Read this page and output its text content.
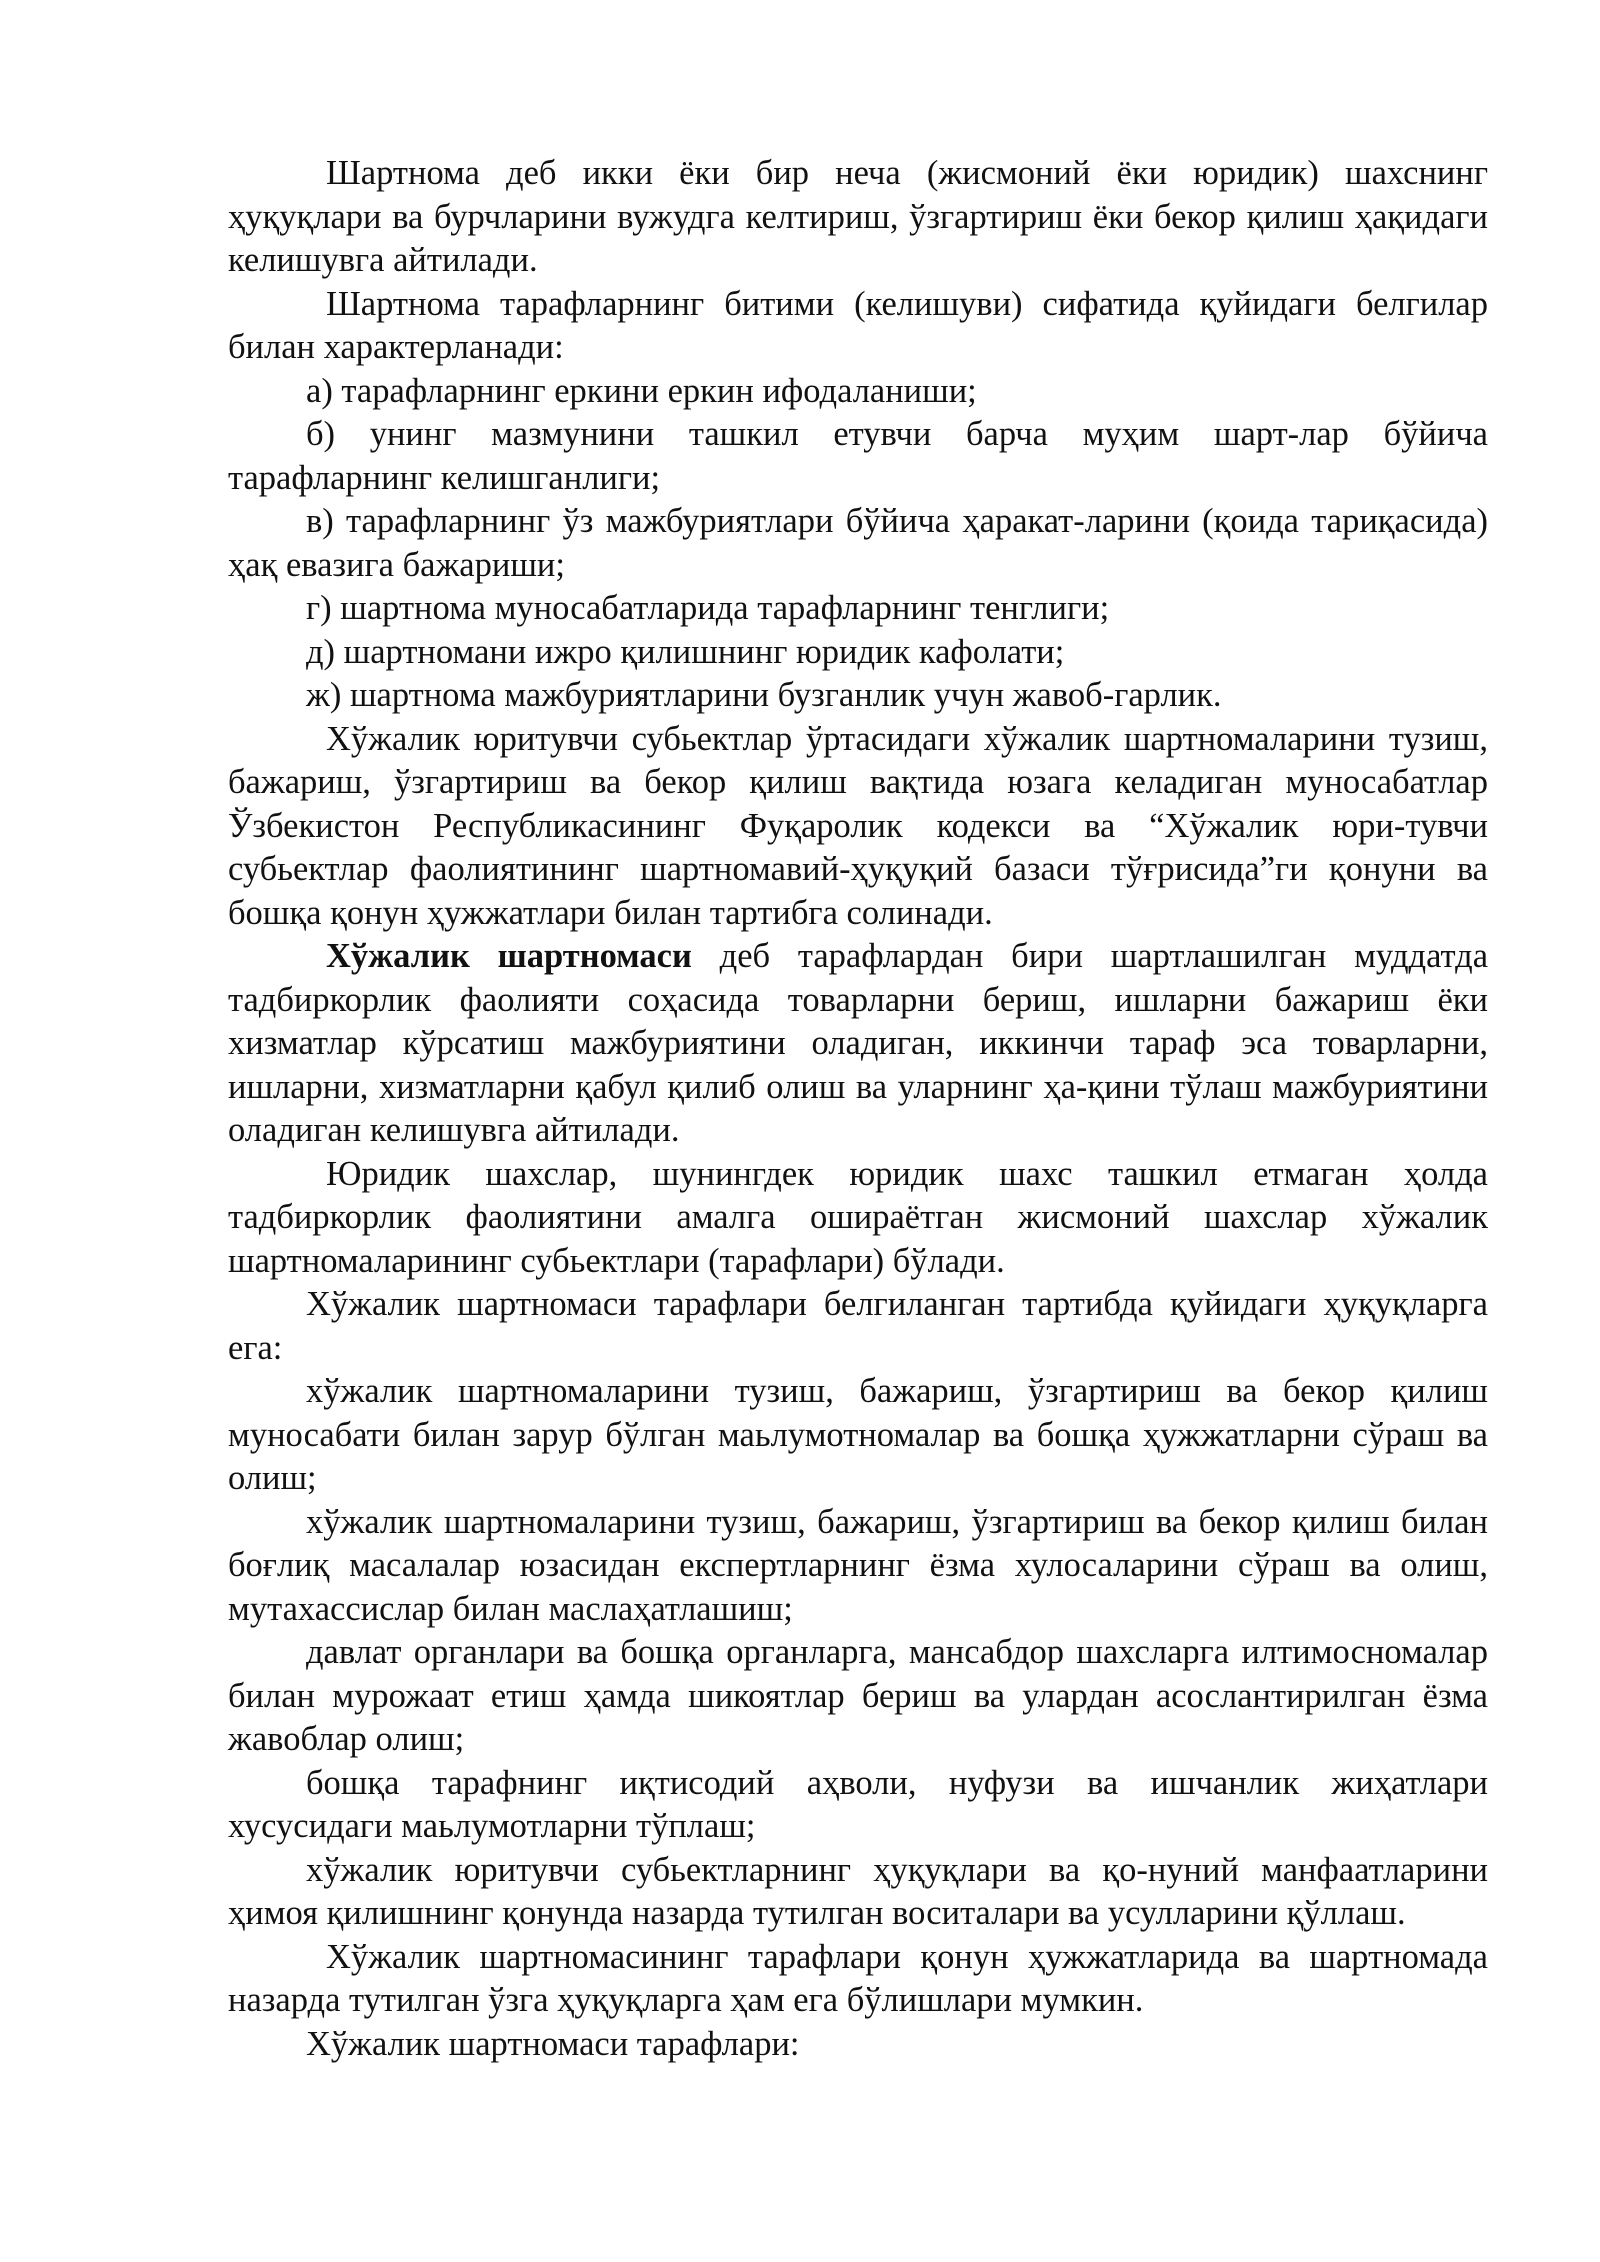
Шартнома деб икки ёки бир неча (жисмоний ёки юридик) шахснинг ҳуқуқлари ва бурчларини вужудга келтириш, ўзгартириш ёки бекор қилиш ҳақидаги келишувга айтилади.

Шартнома тарафларнинг битими (келишуви) сифатида қуйидаги белгилар билан характерланади:

а) тарафларнинг еркини еркин ифодаланиши;

б) унинг мазмунини ташкил етувчи барча муҳим шарт-лар бўйича тарафларнинг келишганлиги;

в) тарафларнинг ўз мажбуриятлари бўйича ҳаракат-ларини (қоида тариқасида) ҳақ евазига бажариши;

г) шартнома муносабатларида тарафларнинг тенглиги;

д) шартномани ижро қилишнинг юридик кафолати;

ж) шартнома мажбуриятларини бузганлик учун жавоб-гарлик.

Хўжалик юритувчи субьектлар ўртасидаги хўжалик шартномаларини тузиш, бажариш, ўзгартириш ва бекор қилиш вақтида юзага келадиган муносабатлар Ўзбекистон Республикасининг Фуқаролик кодекси ва “Хўжалик юри-тувчи субьектлар фаолиятининг шартномавий-ҳуқуқий базаси тўғрисида”ги қонуни ва бошқа қонун ҳужжатлари билан тартибга солинади.

Хўжалик шартномаси деб тарафлардан бири шартлашилган муддатда тадбиркорлик фаолияти соҳасида товарларни бериш, ишларни бажариш ёки хизматлар кўрсатиш мажбуриятини оладиган, иккинчи тараф эса товарларни, ишларни, хизматларни қабул қилиб олиш ва уларнинг ҳа-қини тўлаш мажбуриятини оладиган келишувга айтилади.

Юридик шахслар, шунингдек юридик шахс ташкил етмаган ҳолда тадбиркорлик фаолиятини амалга ошираётган жисмоний шахслар хўжалик шартномаларининг субьектлари (тарафлари) бўлади.

Хўжалик шартномаси тарафлари белгиланган тартибда қуйидаги ҳуқуқларга ега:

хўжалик шартномаларини тузиш, бажариш, ўзгартириш ва бекор қилиш муносабати билан зарур бўлган маьлумотномалар ва бошқа ҳужжатларни сўраш ва олиш;

хўжалик шартномаларини тузиш, бажариш, ўзгартириш ва бекор қилиш билан боғлиқ масалалар юзасидан експертларнинг ёзма хулосаларини сўраш ва олиш, мутахассислар билан маслаҳатлашиш;

давлат органлари ва бошқа органларга, мансабдор шахсларга илтимосномалар билан мурожаат етиш ҳамда шикоятлар бериш ва улардан асослантирилган ёзма жавоблар олиш;

бошқа тарафнинг иқтисодий аҳволи, нуфузи ва ишчанлик жиҳатлари хусусидаги маьлумотларни тўплаш;

хўжалик юритувчи субьектларнинг ҳуқуқлари ва қо-нуний манфаатларини ҳимоя қилишнинг қонунда назарда тутилган воситалари ва усулларини қўллаш.

Хўжалик шартномасининг тарафлари қонун ҳужжатларида ва шартномада назарда тутилган ўзга ҳуқуқларга ҳам ега бўлишлари мумкин.

Хўжалик шартномаси тарафлари:
